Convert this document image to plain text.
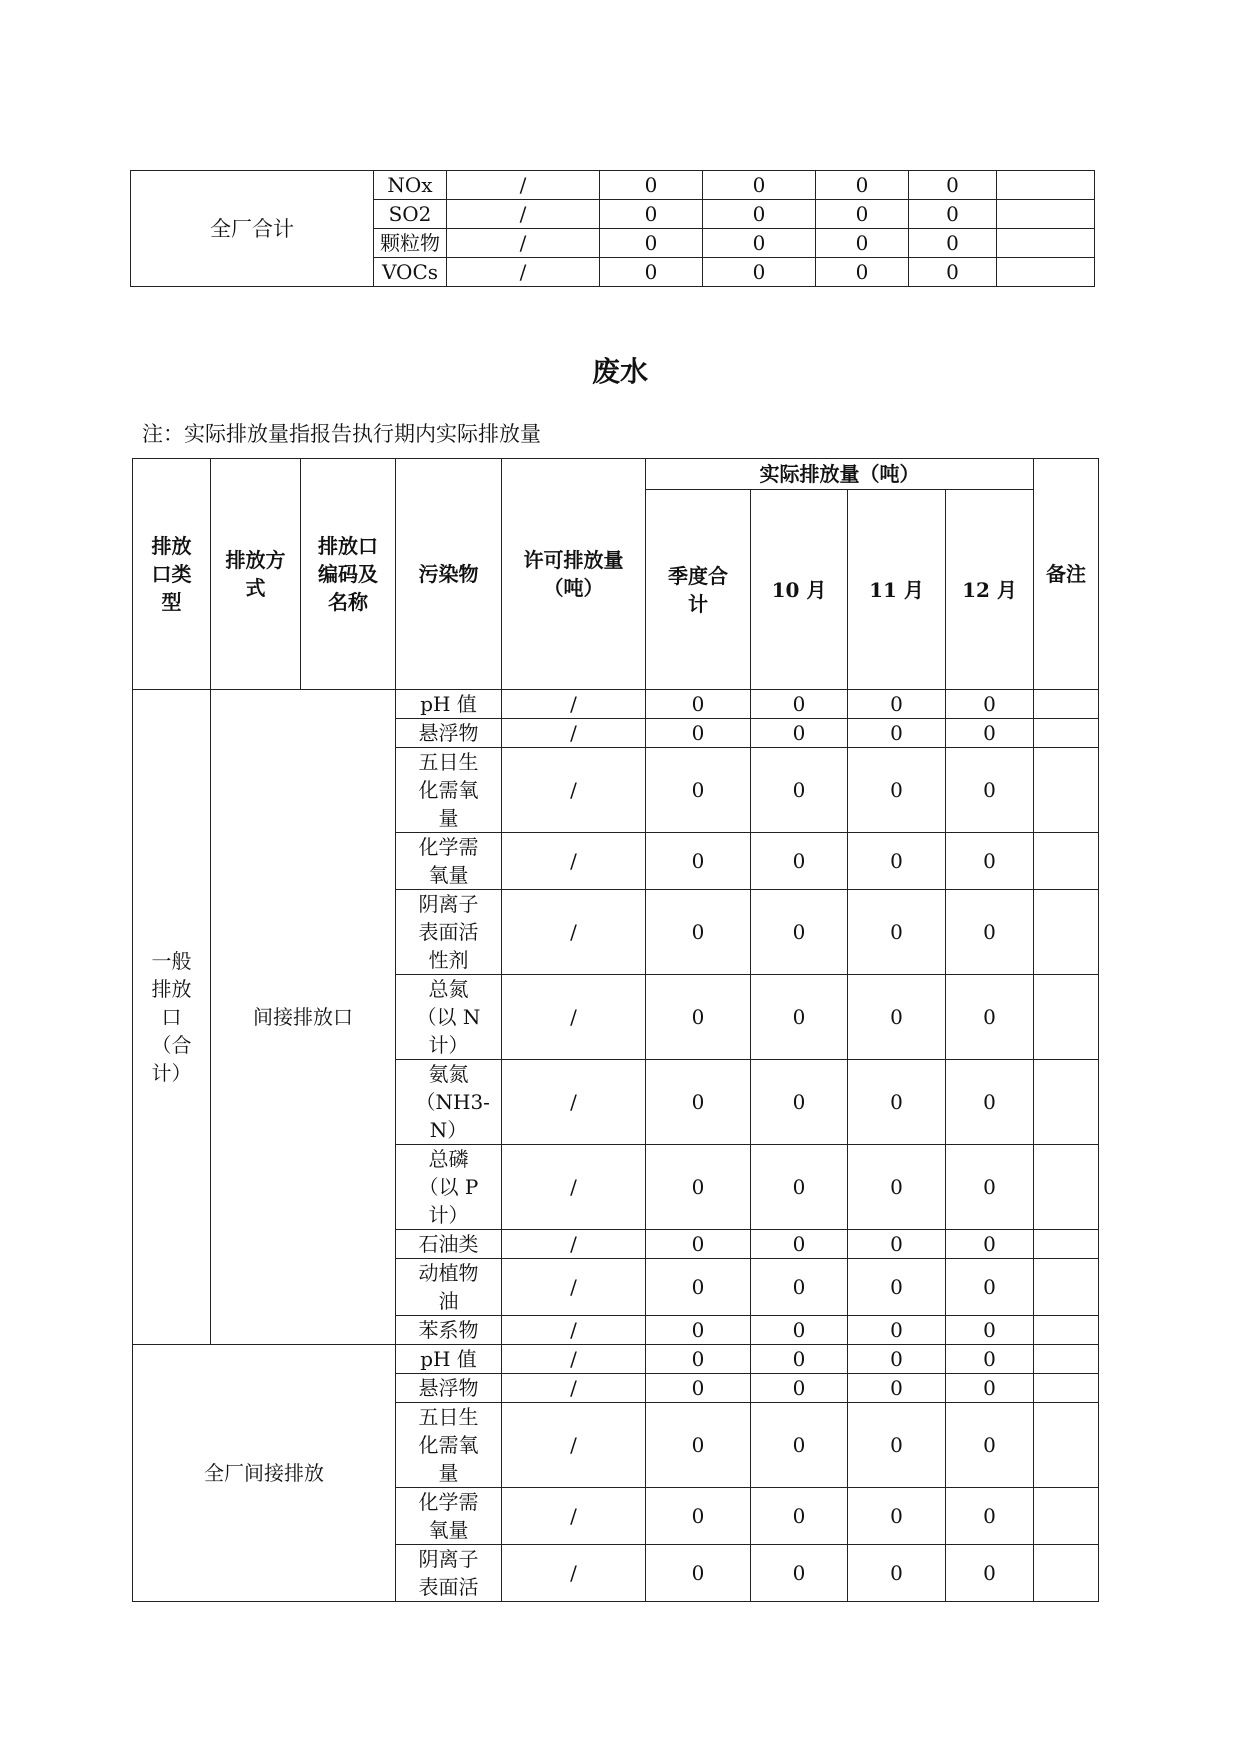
全厂合计	NOx	/	0	0	0	0	
	SO2	/	0	0	0	0	
	颗粒物	/	0	0	0	0	
	VOCs	/	0	0	0	0	
废水
注：实际排放量指报告执行期内实际排放量
排放口类型	排放方式	排放口编码及名称	污染物	许可排放量（吨）	实际排放量（吨）				备注
					季度合计	10 月	11 月	12 月	
一般排放口（合计）	间接排放口		pH 值	/	0	0	0	0	
			悬浮物	/	0	0	0	0	
			五日生化需氧量	/	0	0	0	0	
			化学需氧量	/	0	0	0	0	
			阴离子表面活性剂	/	0	0	0	0	
			总氮（以 N 计）	/	0	0	0	0	
			氨氮（NH3-N）	/	0	0	0	0	
			总磷（以 P 计）	/	0	0	0	0	
			石油类	/	0	0	0	0	
			动植物油	/	0	0	0	0	
			苯系物	/	0	0	0	0	
全厂间接排放			pH 值	/	0	0	0	0	
			悬浮物	/	0	0	0	0	
			五日生化需氧量	/	0	0	0	0	
			化学需氧量	/	0	0	0	0	
			阴离子表面活	/	0	0	0	0	
